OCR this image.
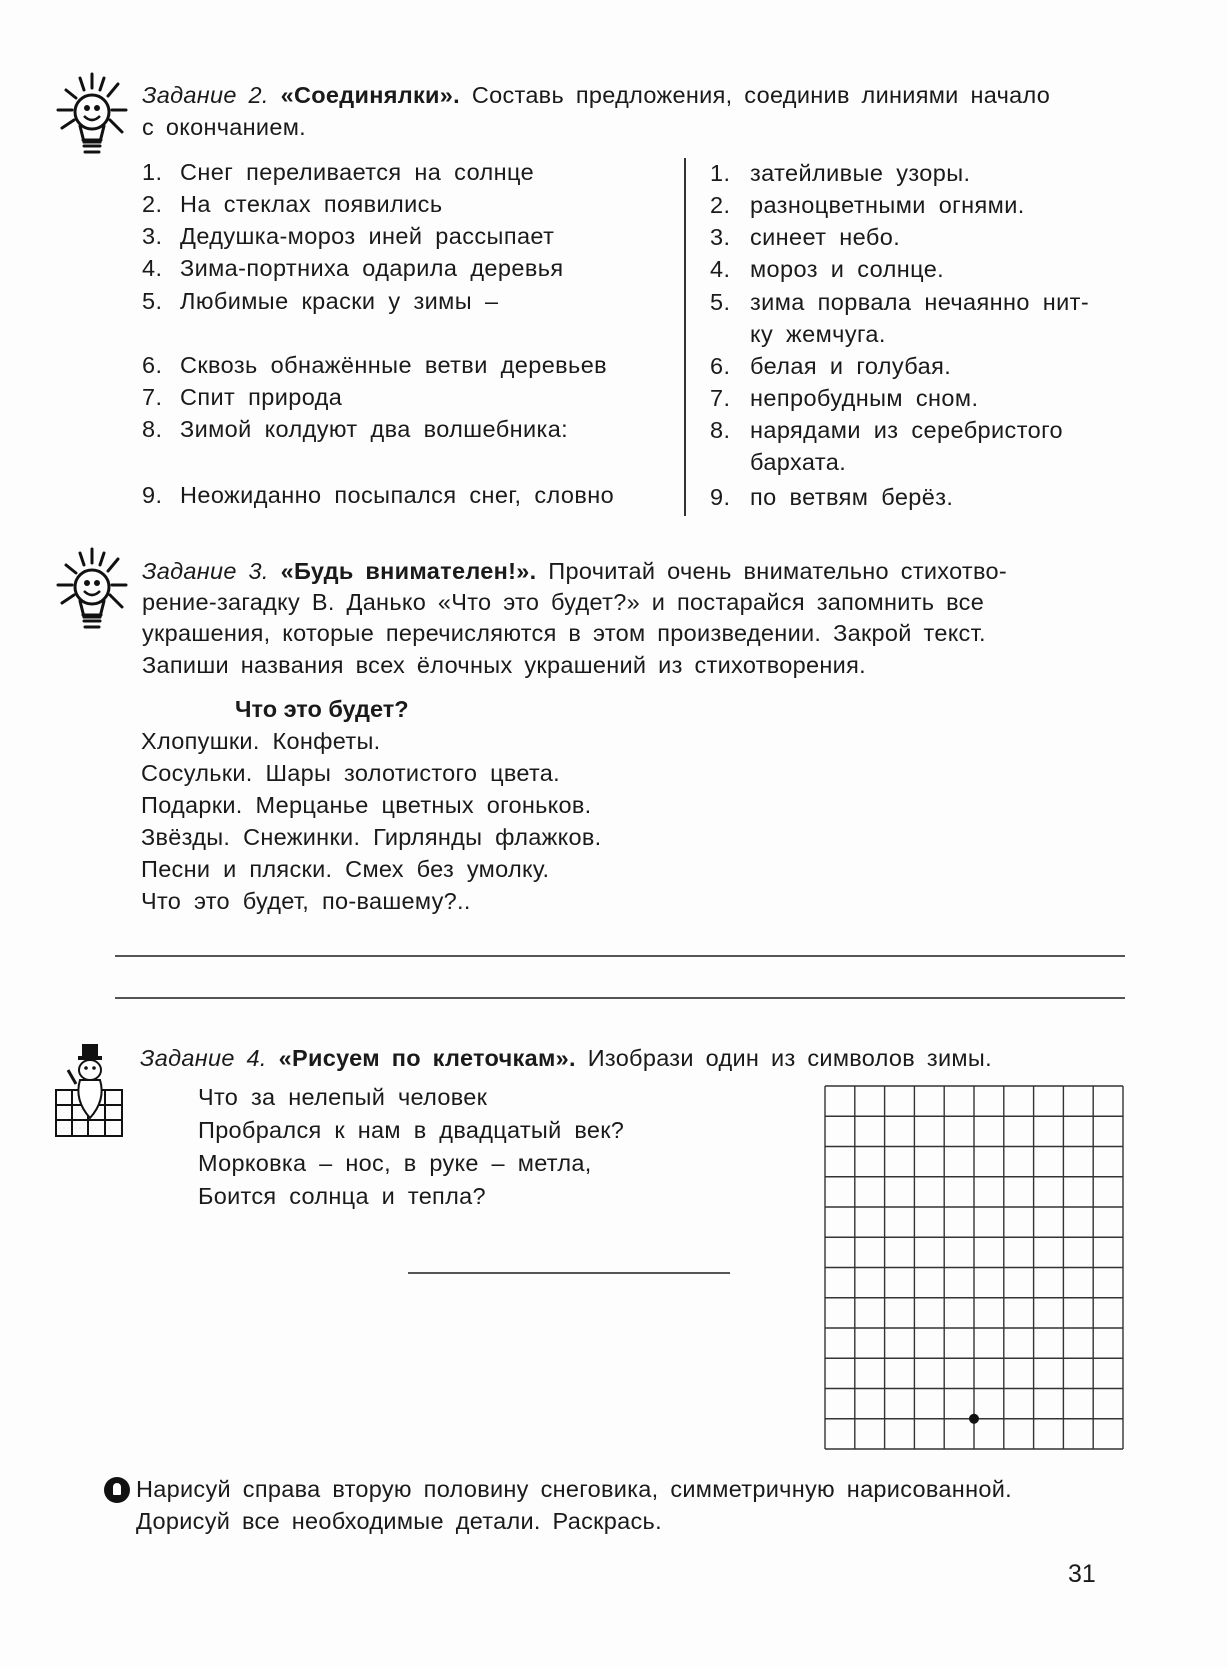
Задание 2. «Соединялки». Составь предложения, соединив линиями начало
с окончанием.
1. Снег переливается на солнце
2. На стеклах появились
3. Дедушка-мороз иней рассыпает
4. Зима-портниха одарила деревья
5. Любимые краски у зимы –
6. Сквозь обнажённые ветви деревьев
7. Спит природа
8. Зимой колдуют два волшебника:
9. Неожиданно посыпался снег, словно
1. затейливые узоры.
2. разноцветными огнями.
3. синеет небо.
4. мороз и солнце.
5. зима порвала нечаянно нит-
ку жемчуга.
6. белая и голубая.
7. непробудным сном.
8. нарядами из серебристого
бархата.
9. по ветвям берёз.
Задание 3. «Будь внимателен!». Прочитай очень внимательно стихотво-
рение-загадку В. Данько «Что это будет?» и постарайся запомнить все
украшения, которые перечисляются в этом произведении. Закрой текст.
Запиши названия всех ёлочных украшений из стихотворения.
Что это будет?
Хлопушки. Конфеты.
Сосульки. Шары золотистого цвета.
Подарки. Мерцанье цветных огоньков.
Звёзды. Снежинки. Гирлянды флажков.
Песни и пляски. Смех без умолку.
Что это будет, по-вашему?..
Задание 4. «Рисуем по клеточкам». Изобрази один из символов зимы.
Что за нелепый человек
Пробрался к нам в двадцатый век?
Морковка – нос, в руке – метла,
Боится солнца и тепла?
Нарисуй справа вторую половину снеговика, симметричную нарисованной.
Дорисуй все необходимые детали. Раскрась.
31
